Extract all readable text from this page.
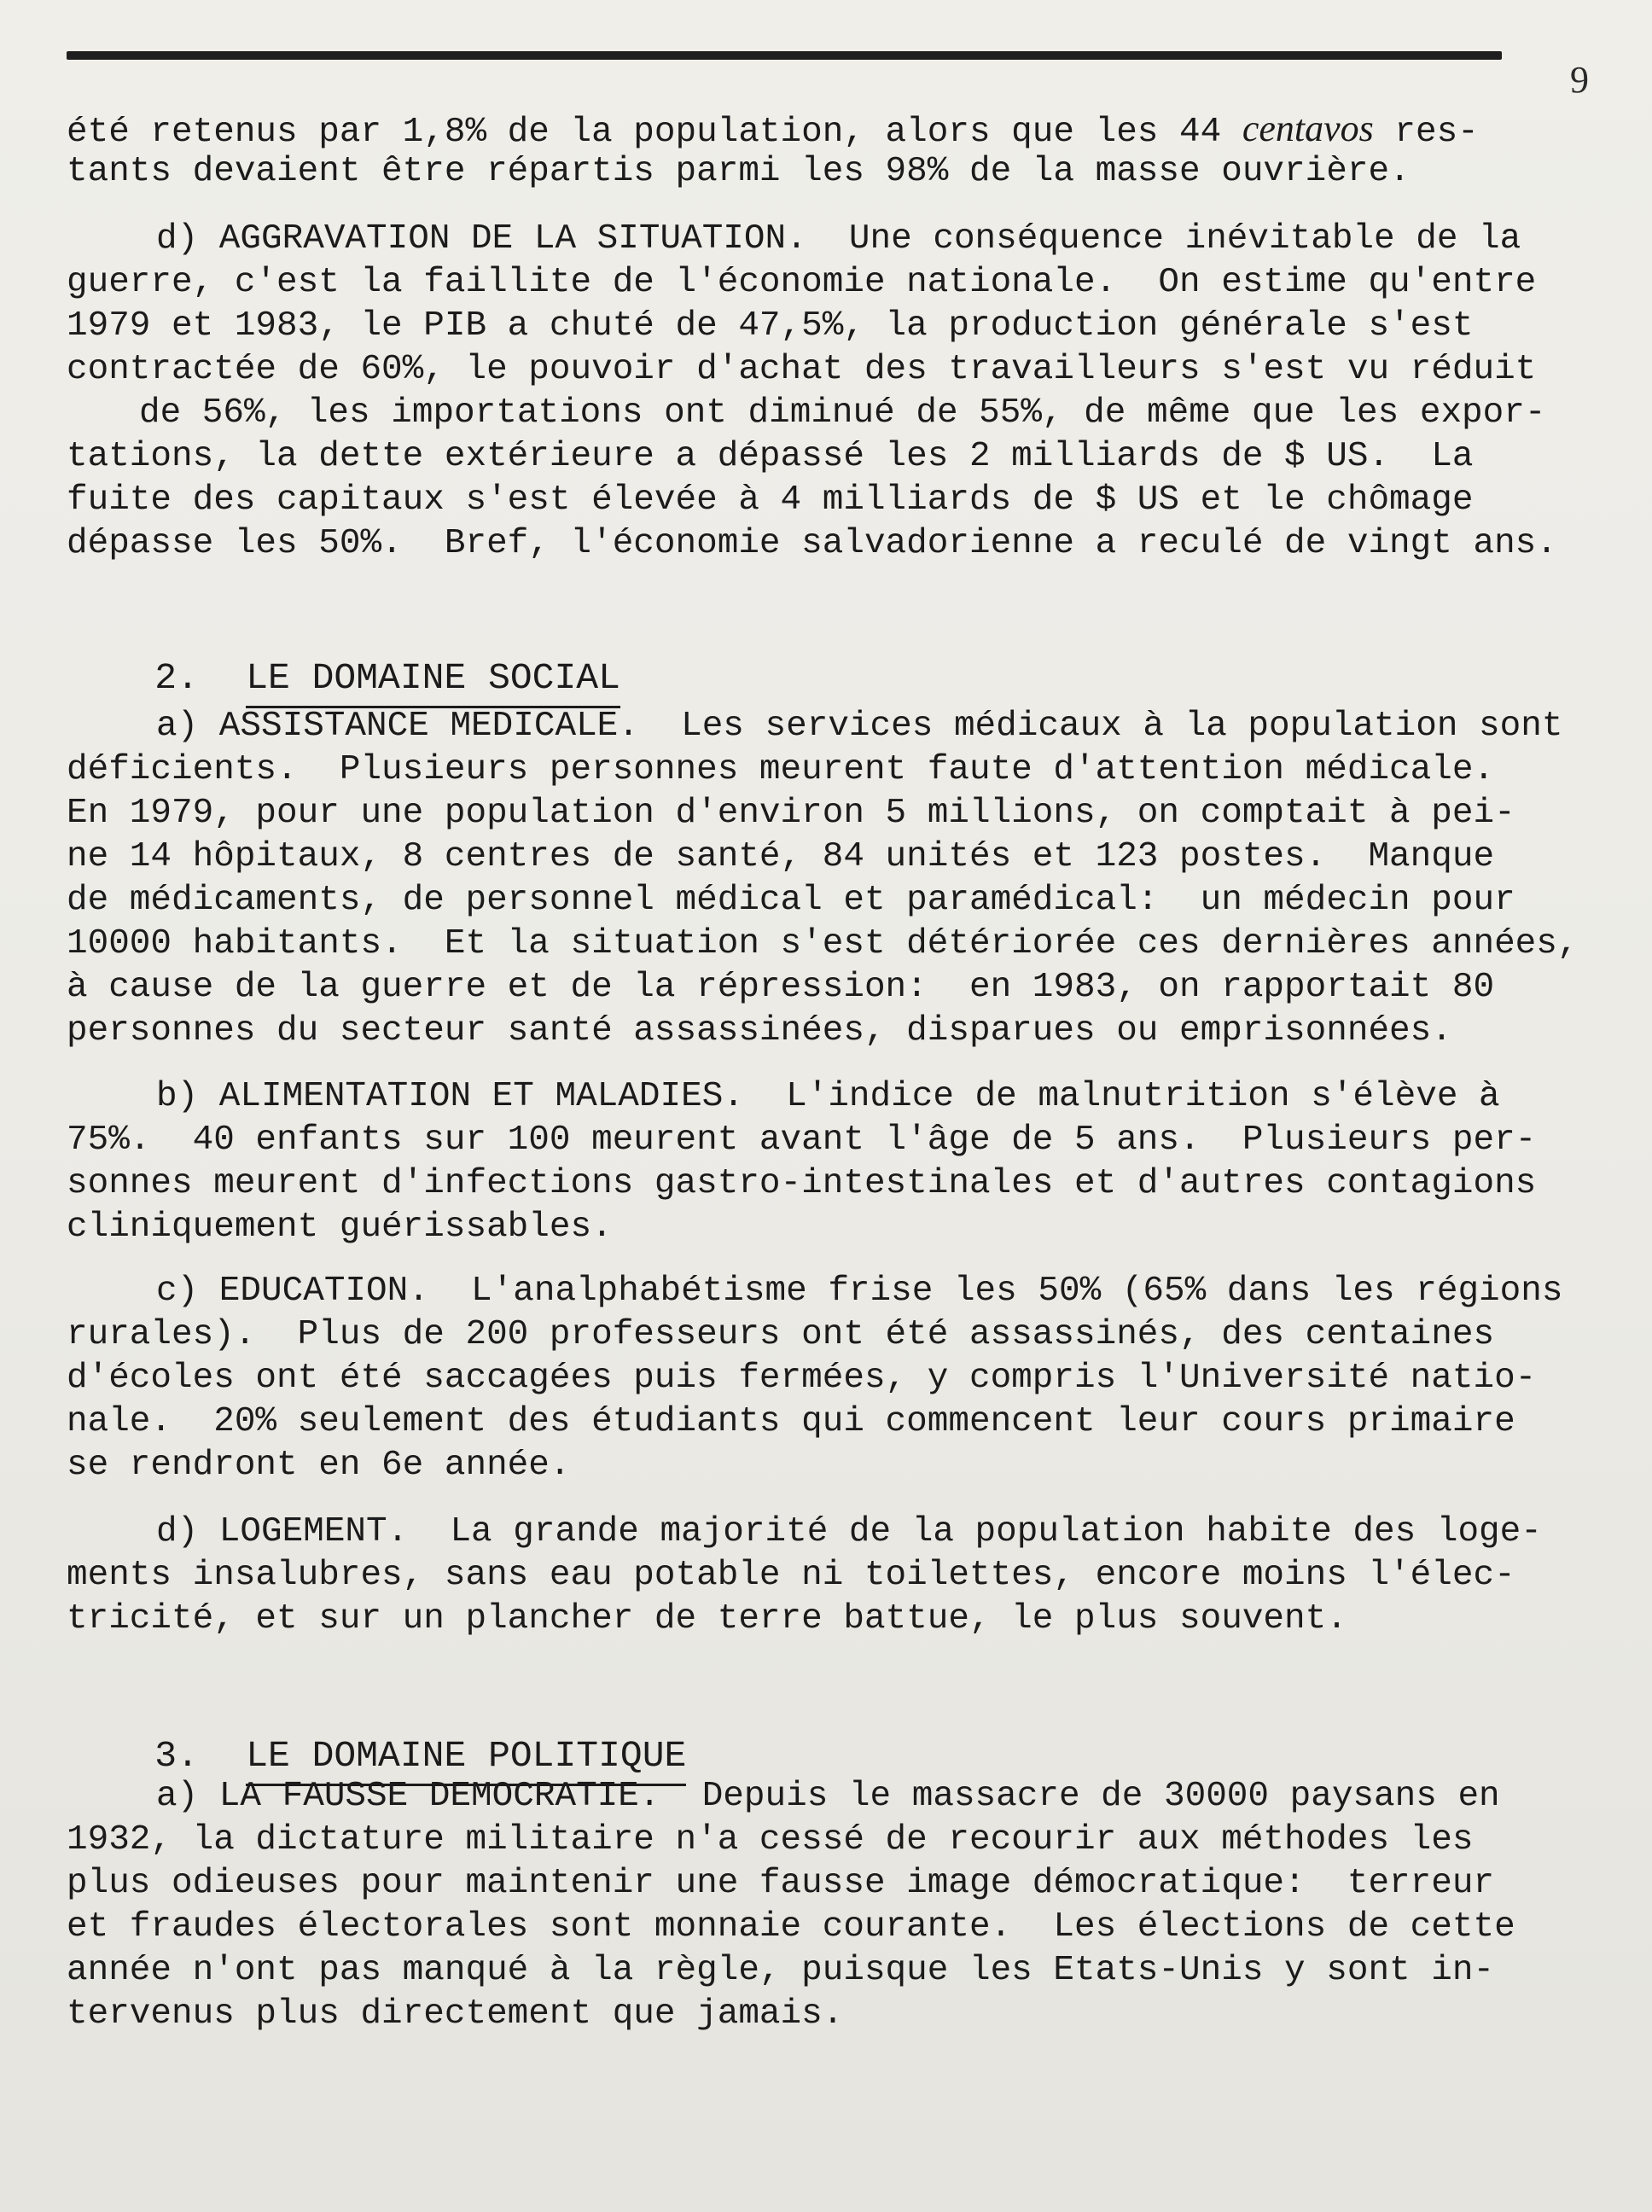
9
été retenus par 1,8% de la population, alors que les 44 centavos res-
tants devaient être répartis parmi les 98% de la masse ouvrière.
d) AGGRAVATION DE LA SITUATION.  Une conséquence inévitable de la
guerre, c'est la faillite de l'économie nationale.  On estime qu'entre
1979 et 1983, le PIB a chuté de 47,5%, la production générale s'est
contractée de 60%, le pouvoir d'achat des travailleurs s'est vu réduit
de 56%, les importations ont diminué de 55%, de même que les expor-
tations, la dette extérieure a dépassé les 2 milliards de $ US.  La
fuite des capitaux s'est élevée à 4 milliards de $ US et le chômage
dépasse les 50%.  Bref, l'économie salvadorienne a reculé de vingt ans.

2. LE DOMAINE SOCIAL

a) ASSISTANCE MEDICALE.  Les services médicaux à la population sont
déficients.  Plusieurs personnes meurent faute d'attention médicale.
En 1979, pour une population d'environ 5 millions, on comptait à pei-
ne 14 hôpitaux, 8 centres de santé, 84 unités et 123 postes.  Manque
de médicaments, de personnel médical et paramédical:  un médecin pour
10000 habitants.  Et la situation s'est détériorée ces dernières années,
à cause de la guerre et de la répression:  en 1983, on rapportait 80
personnes du secteur santé assassinées, disparues ou emprisonnées.
b) ALIMENTATION ET MALADIES.  L'indice de malnutrition s'élève à
75%.  40 enfants sur 100 meurent avant l'âge de 5 ans.  Plusieurs per-
sonnes meurent d'infections gastro-intestinales et d'autres contagions
cliniquement guérissables.
c) EDUCATION.  L'analphabétisme frise les 50% (65% dans les régions
rurales).  Plus de 200 professeurs ont été assassinés, des centaines
d'écoles ont été saccagées puis fermées, y compris l'Université natio-
nale.  20% seulement des étudiants qui commencent leur cours primaire
se rendront en 6e année.
d) LOGEMENT.  La grande majorité de la population habite des loge-
ments insalubres, sans eau potable ni toilettes, encore moins l'élec-
tricité, et sur un plancher de terre battue, le plus souvent.

3. LE DOMAINE POLITIQUE

a) LA FAUSSE DEMOCRATIE.  Depuis le massacre de 30000 paysans en
1932, la dictature militaire n'a cessé de recourir aux méthodes les
plus odieuses pour maintenir une fausse image démocratique:  terreur
et fraudes électorales sont monnaie courante.  Les élections de cette
année n'ont pas manqué à la règle, puisque les Etats-Unis y sont in-
tervenus plus directement que jamais.
